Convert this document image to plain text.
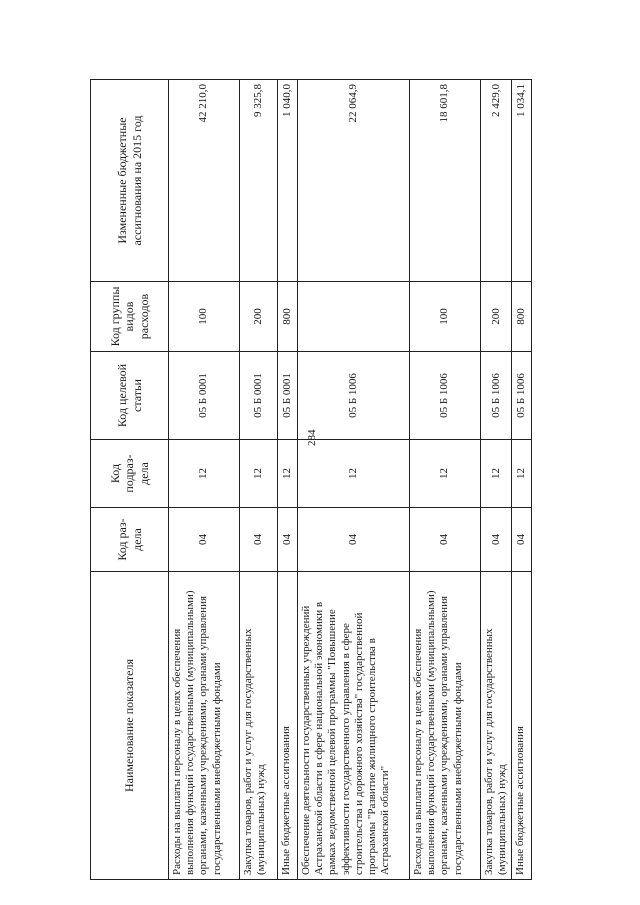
284
Наименование показателя	Код раз-дела	Код подраз-дела	Код целевой статьи	Код группы видов расходов	Измененные бюджетные ассигнования на 2015 год
Расходы на выплаты персоналу в целях обеспечения выполнения функций государственными (муниципальными) органами, казенными учреждениями, органами управления государственными внебюджетными фондами	04	12	05 Б 0001	100	42 210,0
Закупка товаров, работ и услуг для государственных (муниципальных) нужд	04	12	05 Б 0001	200	9 325,8
Иные бюджетные ассигнования	04	12	05 Б 0001	800	1 040,0
Обеспечение деятельности государственных учреждений Астраханской области в сфере национальной экономики в рамках ведомственной целевой программы "Повышение эффективности государственного управления в сфере строительства и дорожного хозяйства" государственной программы "Развитие жилищного строительства в Астраханской области"	04	12	05 Б 1006		22 064,9
Расходы на выплаты персоналу в целях обеспечения выполнения функций государственными (муниципальными) органами, казенными учреждениями, органами управления государственными внебюджетными фондами	04	12	05 Б 1006	100	18 601,8
Закупка товаров, работ и услуг для государственных (муниципальных) нужд	04	12	05 Б 1006	200	2 429,0
Иные бюджетные ассигнования	04	12	05 Б 1006	800	1 034,1
